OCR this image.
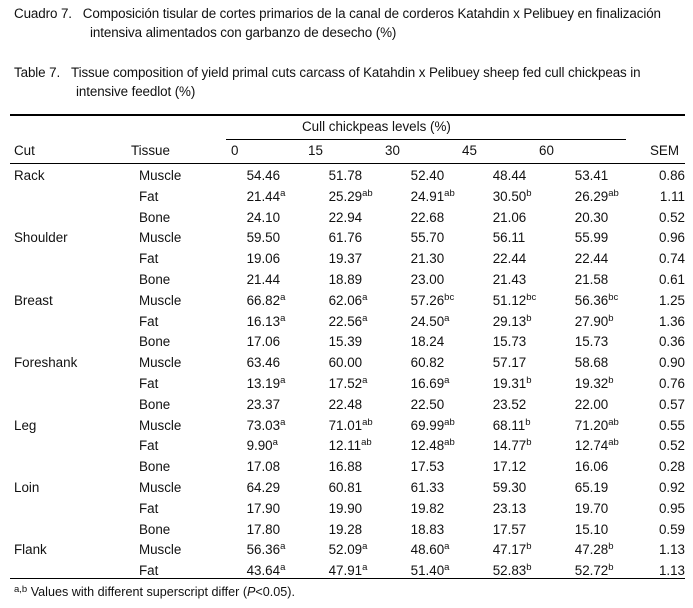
Cuadro 7. Composición tisular de cortes primarios de la canal de corderos Katahdin x Pelibuey en finalización
intensiva alimentados con garbanzo de desecho (%)
Table 7. Tissue composition of yield primal cuts carcass of Katahdin x Pelibuey sheep fed cull chickpeas in
intensive feedlot (%)
Cull chickpeas levels (%)
Cut	Tissue	0	15	30	45	60	SEM
Rack	Muscle	54.46	51.78	52.40	48.44	53.41	0.86
	Fat	21.44$^a$	25.29$^{ab}$	24.91$^{ab}$	30.50$^b$	26.29$^{ab}$	1.11
	Bone	24.10	22.94	22.68	21.06	20.30	0.52
Shoulder	Muscle	59.50	61.76	55.70	56.11	55.99	0.96
	Fat	19.06	19.37	21.30	22.44	22.44	0.74
	Bone	21.44	18.89	23.00	21.43	21.58	0.61
Breast	Muscle	66.82$^a$	62.06$^a$	57.26$^{bc}$	51.12$^{bc}$	56.36$^{bc}$	1.25
	Fat	16.13$^a$	22.56$^a$	24.50$^a$	29.13$^b$	27.90$^b$	1.36
	Bone	17.06	15.39	18.24	15.73	15.73	0.36
Foreshank	Muscle	63.46	60.00	60.82	57.17	58.68	0.90
	Fat	13.19$^a$	17.52$^a$	16.69$^a$	19.31$^b$	19.32$^b$	0.76
	Bone	23.37	22.48	22.50	23.52	22.00	0.57
Leg	Muscle	73.03$^a$	71.01$^{ab}$	69.99$^{ab}$	68.11$^b$	71.20$^{ab}$	0.55
	Fat	9.90$^a$	12.11$^{ab}$	12.48$^{ab}$	14.77$^b$	12.74$^{ab}$	0.52
	Bone	17.08	16.88	17.53	17.12	16.06	0.28
Loin	Muscle	64.29	60.81	61.33	59.30	65.19	0.92
	Fat	17.90	19.90	19.82	23.13	19.70	0.95
	Bone	17.80	19.28	18.83	17.57	15.10	0.59
Flank	Muscle	56.36$^a$	52.09$^a$	48.60$^a$	47.17$^b$	47.28$^b$	1.13
	Fat	43.64$^a$	47.91$^a$	51.40$^a$	52.83$^b$	52.72$^b$	1.13
$^{a,b}$ Values with different superscript differ (P<0.05).
